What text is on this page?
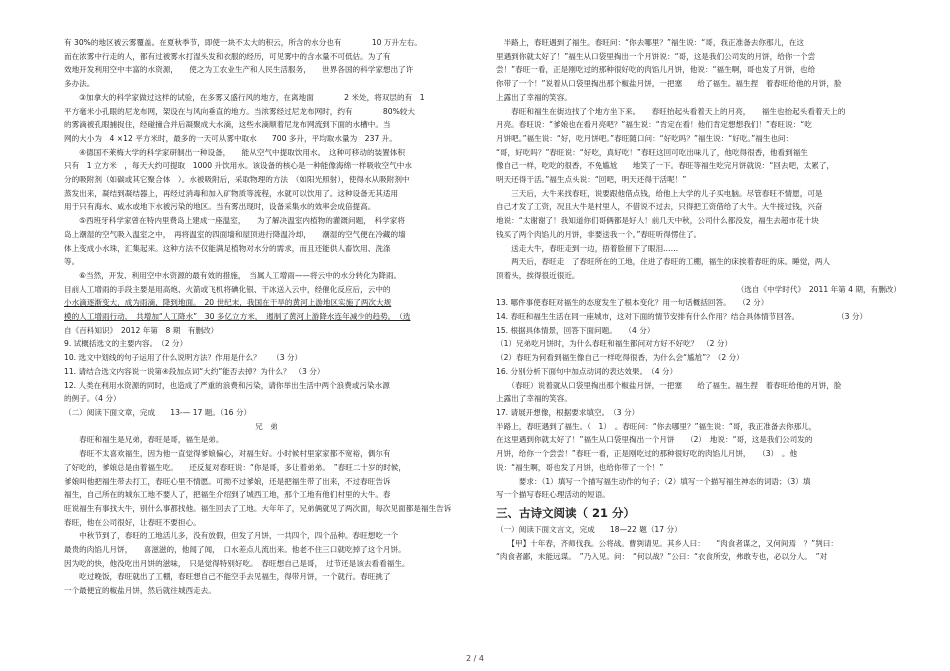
有 30%的地区被云雾覆盖。在夏秋季节，即使一块不太大的积云，所含的水分也有　　　　10 万升左右。

而在浓雾中行走的人，都有过被雾水打湿头发和衣服的经历，可见雾中的含水量不可低估。为了有

效地开发利用空中丰富的水资源，　　使之为工农业生产和人民生活服务，　　世界各国的科学家想出了许

多办法。

　　③加拿大的科学家做过这样的试验，在多雾又盛行风的地方，在离地面　　　　2 米处，将双层的有　1

平方毫米小孔眼的尼龙布网，架设在与风向垂直的地方。当浓雾经过尼龙布网时，约有　　　　80%较大

的雾滴被孔眼捕捉住，经碰撞合并后凝聚成大水滴，这些水滴顺着尼龙布网流到下面的水槽中。当

网的大小为　4 ×12 平方米时，最多的一天可从雾中取水　　700 多升，平均取水量为　237 升。

　　④德国不莱梅大学的科学家研制出一种设备，　　能从空气中提取饮用水。　这种可移动的装置体积

只有　1 立方米　，每天大约可提取　1000 升饮用水。该设备的核心是一种能像海绵一样吸收空气中水

分的吸附剂（如碳或其它聚合体　）。水被吸附后，采取物理的方法　（如阳光照射），使得水从吸附剂中

蒸发出来，凝结到凝结器上，再经过消毒和加入矿物质等流程，水就可以饮用了。这种设备无其适用

用于只有海水、咸水或地下水被污染的地区。当有雾出现时，设备采集水的效率会成倍提高。

　　⑤西班牙科学家曾在特内里费岛上建成一座温室，　　为了解决温室内植物的灌溉问题，　科学家将

岛上潮湿的空气吸入温室之中，　再将温室的四面墙和屋顶进行降温冷却，　　潮湿的空气便在冷藏的墙

体上变成小水珠，汇集起来。这种方法不仅能满足植物对水分的需求，而且还能供人畜饮用、洗涤

等。

　　⑥当然，开发、利用空中水资源的最有效的措施，　当属人工增雨——将云中的水分转化为降雨。

目前人工增雨的手段主要是用高炮、火箭或飞机将碘化银、干冰送入云中，经催化反应后，云中的

小水滴逐渐变大，成为雨滴，降到地面。　20 世纪末，我国在干旱的黄河上游地区实施了两次大规

模的人工增雨行动，　共增加“人工降水”　30 多亿立方米，　遏制了黄河上游降水连年减少的趋势。　（选

自《百科知识》　2012 年第　8 期　有删改）

9. 试概括选文的主要内容。　（2 分）

10. 选文中划线的句子运用了什么说明方法？作用是什么？　　（3 分）

11. 请结合选文内容说一说第④段加点词“大约”能否去掉？为什么？　（3 分）

12. 人类在利用水资源的同时，也造成了严重的浪费和污染，请你举出生活中两个浪费或污染水源

的例子。（4 分）

（二）阅读下面文章，完成　　13-— 17 题。（16 分）

兄　弟

　　春旺和福生是兄弟，春旺是哥，福生是弟。

　　春旺不太喜欢福生，因为他一直觉得爹娘偏心，对福生好。小时候村里家家都不宽裕，偶尔有

了好吃的，爹娘总是由着福生吃。　　还反复对春旺说：“你是哥，多让着弟弟。　”春旺二十岁的时候，

爹娘叫他把福生带去打工，春旺心里不情愿。可拗不过爹娘，还是把福生带了出来，不过春旺告诉

福生，自己所在的城东工地不要人了，把福生介绍到了城西工地，那个工地有他们村里的大牛。春

旺说福生有事找大牛，别什么事都找他。福生回去了工地。大年年了，兄弟俩就见了两次面，每次见面都是福生告诉

春旺，他在公司很好，让春旺不要担心。

　　中秋节到了，春旺的工地活儿多，没有放假，但发了月饼，一共四个，四个品种。春旺想吃一个

最贵的肉馅儿月饼，　　喜滋滋的，他闻了闻，　口水差点儿流出来。他老不住三口就吃掉了这个月饼。

因为吃的快，他没吃出月饼的滋味，　只是觉得特别好吃。　春旺想自己是哥，　过节还是该去看看福生。

　　吃过晚饭，春旺就出了工棚，春旺想自己不能空手去见福生，得带月饼，一个就行。春旺挑了

一个最便宜的椒盐月饼，然后就往城西走去。

　半路上，春旺遇到了福生。春旺问：“你去哪里？”福生说：“哥，我正准备去你那儿，在这

里遇到你就太好了！”福生从口袋里掏出一个月饼说：“哥，这是我们公司发的月饼，给你一个尝

尝！”春旺一看，正是刚吃过的那种很好吃的肉馅儿月饼，他说：“福生啊，哥也发了月饼，也给

你带了一个！”说着从口袋里掏出那个椒盐月饼，一把塞　　给了福生。福生捏　着春旺给他的月饼，脸

上露出了幸福的笑容。

　　春旺和福生在街边找了个地方坐下来。　　春旺抬起头看着天上的月亮，　　福生也抬起头看着天上的

月亮。春旺说：“爹娘也在看月亮吧？”福生说：“肯定在看！他们肯定想想我们！”春旺说：“吃

月饼吧。”福生说：“好，吃月饼吧。”春旺随口问：“好吃吗？”福生说：“好吃。”福生也问：

“哥，好吃吗？”春旺说：“好吃，真好吃！”春旺这回可吃出味儿了，他吃得很香，他看到福生

像自己一样，吃吃的很香，不免尴尬　　地笑了一下。春旺等福生吃完月饼就说：“回去吧，太累了，

明天还得干活。”福生点头说：“回吧，明天还得干活呢！”

　　三天后，大牛来找春旺，说要跟他借点钱，给他上大学的儿子买电脑。尽管春旺不情愿，可是

自己才发了工资，况且大牛是村里人，不借说不过去，只得把工资借给了大牛。大牛接过钱，兴奋

地说：“太谢谢了！我知道你们哥俩都是好人！前几天中秋，公司什么都没发，福生去超市花十块

钱买了两个肉馅儿的月饼，非要送我一个。”春旺听得愣住了。

　　送走大牛，春旺走到一边，捂着脸留下了眼泪……

　　两天后，春旺走　了春旺所在的工地，住进了春旺的工棚，福生的床挨着春旺的床。睡觉，两人

顶着头，挨得很近很近。

（选自《中学时代》　2011 年第 4 期，有删改）

13. 哪件事使春旺对福生的态度发生了根本变化？用一句话概括回答。　　（2 分）

14. 春旺和福生生活在同一座城市，这对下面的情节安排有什么作用？结合具体情节回答。　　　　　　（3 分）

15. 根据具体情景，回答下面问题。　　（4 分）

（1）兄弟吃月饼时，为什么春旺和福生都问对方好不好吃？　（2 分）

（2）春旺为何看到福生像自己一样吃得很香，为什么会“尴尬”？（2 分）

16. 分别分析下面句中加点动词的表达效果。　（4 分）

　　（春旺）说着就从口袋里掏出那个椒盐月饼，一把塞　　给了福生。福生捏　着春旺给他的月饼，脸

上露出了幸福的笑容。

17. 请展开想像，根据要求填空。　（3 分）

半路上，春旺遇到了福生。（　1）　。春旺问：“你去哪里？”福生说：“哥，我正准备去你那儿，

在这里遇到你就太好了！”福生从口袋里掏出一个月饼　　（2）　地说：“哥，这是我们公司发的

月饼，给你一个尝尝！”春旺一看，正是刚吃过的那种很好吃的肉馅儿月饼，　　（3）　。他

说：“福生啊，哥也发了月饼，也给你带了一个！”

　　　要求：（1）填写一个描写福生动作的句子；（2）填写一个描写福生神态的词语；（3）填

写一个描写春旺心理活动的短语。

三、古诗文阅读（ 21 分）

（一）阅读下面文言文，完成　　18—22 题（17 分）

　　【甲】十年春，齐师伐我。公将战。曹刿请见。其乡人曰：　　“肉食者谋之，又何间焉　？”刿曰：

“肉食者鄙，未能远谋。　”乃入见。问：　“何以战？”公曰：“衣食所安，弗敢专也，必以分人。　”对

2 / 4
